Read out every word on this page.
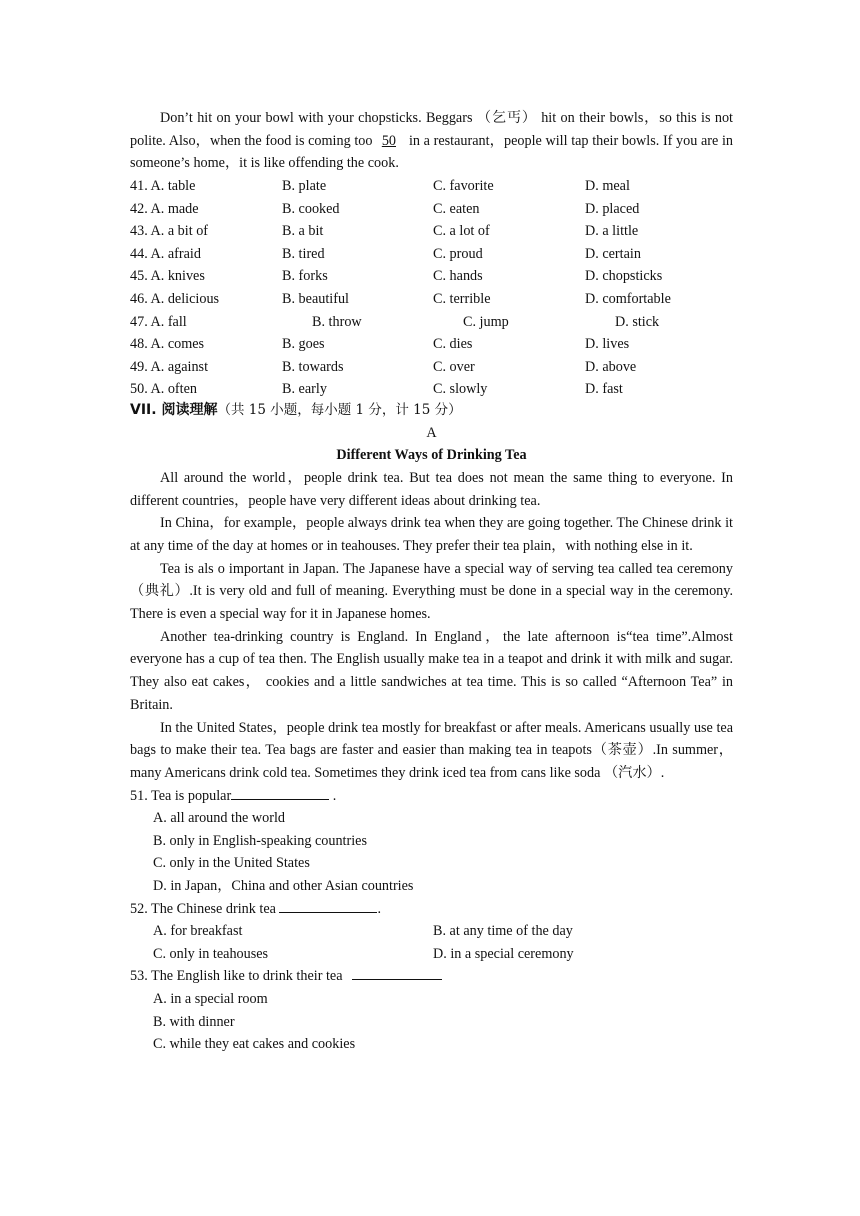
Don’t hit on your bowl with your chopsticks. Beggars （乞丐） hit on their bowls，so this is not polite. Also，when the food is coming too 50 in a restaurant，people will tap their bowls. If you are in someone’s home，it is like offending the cook.

41. A. table	B. plate	C. favorite	D. meal
42. A. made	B. cooked	C. eaten	D. placed
43. A. a bit of	B. a bit	C. a lot of	D. a little
44. A. afraid	B. tired	C. proud	D. certain
45. A. knives	B. forks	C. hands	D. chopsticks
46. A. delicious	B. beautiful	C. terrible	D. comfortable
47. A. fall	B. throw	C. jump	D. stick
48. A. comes	B. goes	C. dies	D. lives
49. A. against	B. towards	C. over	D. above
50. A. often	B. early	C. slowly	D. fast
VII. 阅读理解（共 15 小题，每小题 1 分，计 15 分）
A
Different Ways of Drinking Tea

All around the world，people drink tea. But tea does not mean the same thing to everyone. In different countries，people have very different ideas about drinking tea.

In China，for example，people always drink tea when they are going together. The Chinese drink it at any time of the day at homes or in teahouses. They prefer their tea plain，with nothing else in it.

Tea is als o important in Japan. The Japanese have a special way of serving tea called tea ceremony （典礼）.It is very old and full of meaning. Everything must be done in a special way in the ceremony. There is even a special way for it in Japanese homes.

Another tea-drinking country is England. In England，the late afternoon is“tea time”.Almost everyone has a cup of tea then. The English usually make tea in a teapot and drink it with milk and sugar. They also eat cakes， cookies and a little sandwiches at tea time. This is so called “Afternoon Tea” in Britain.

In the United States，people drink tea mostly for breakfast or after meals. Americans usually use tea bags to make their tea. Tea bags are faster and easier than making tea in teapots（茶壶）.In summer，many Americans drink cold tea. Sometimes they drink iced tea from cans like soda （汽水）.

51. Tea is popular	.
A. all around the world
B. only in English-speaking countries
C. only in the United States
D. in Japan，China and other Asian countries
52. The Chinese drink tea	.
A. for breakfast	B. at any time of the day
C. only in teahouses	D. in a special ceremony
53. The English like to drink their tea
A. in a special room
B. with dinner
C. while they eat cakes and cookies
